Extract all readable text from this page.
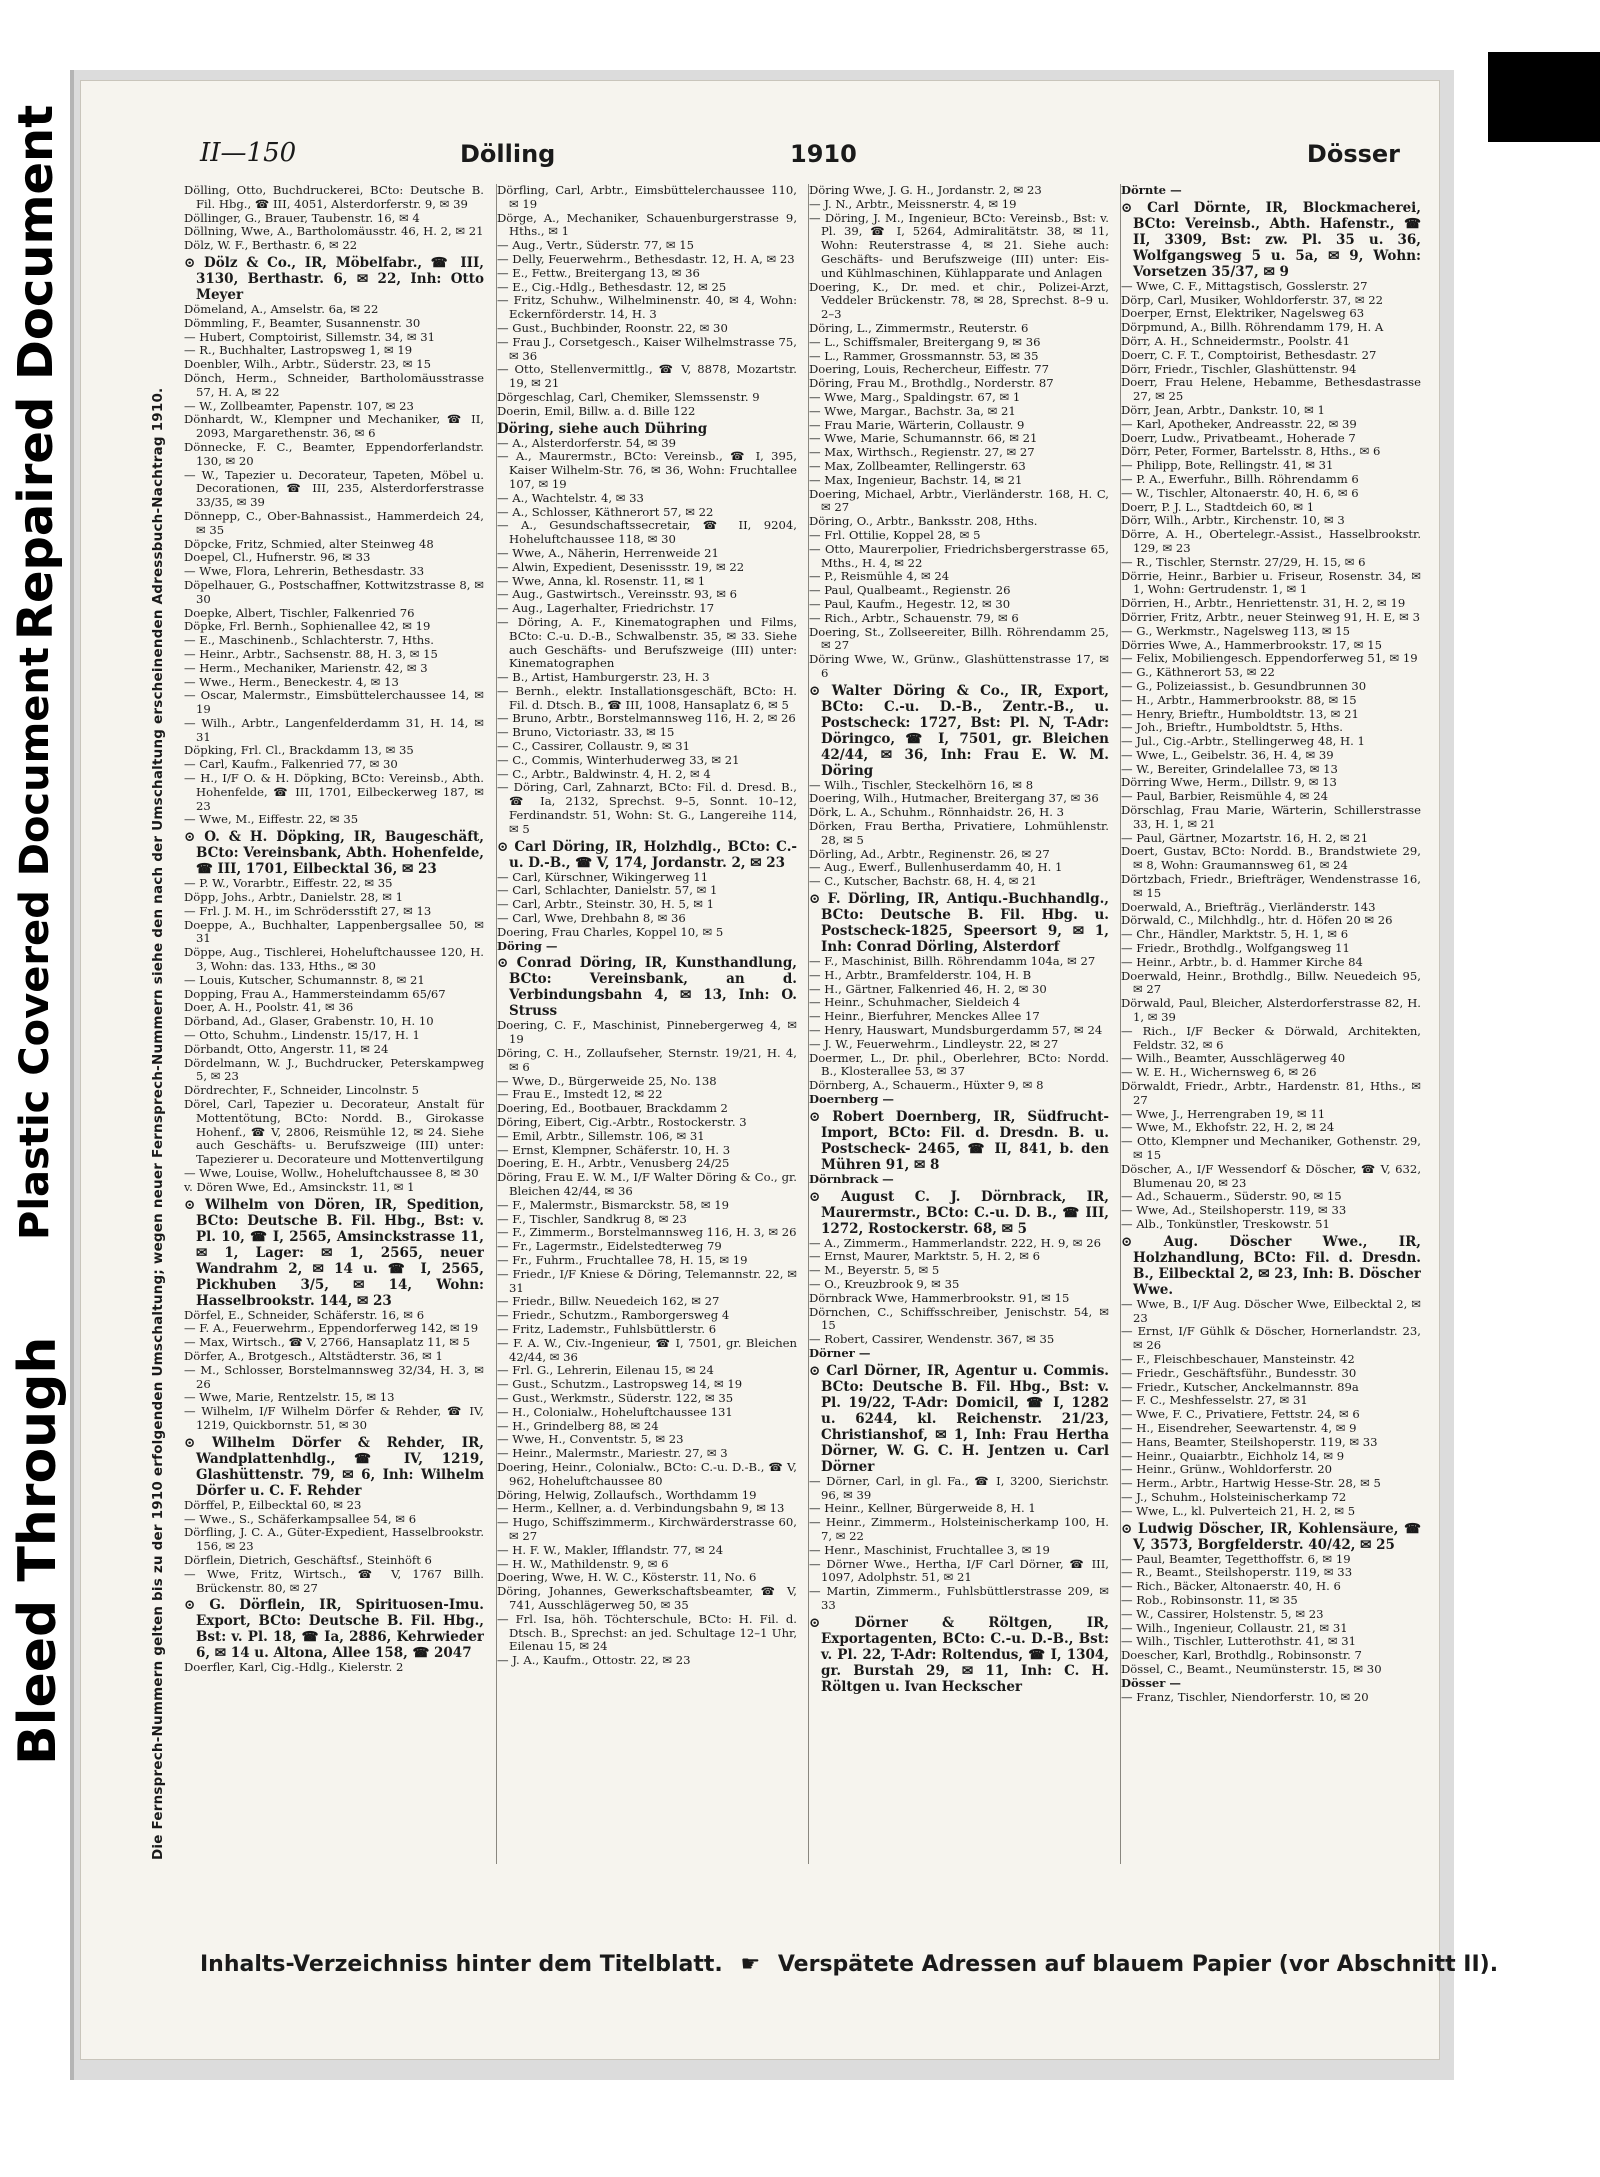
Repaired Document
Plastic Covered Document
Bleed Through
II—150	Dölling	1910	Dösser
Die Fernsprech-Nummern gelten bis zu der 1910 erfolgenden Umschaltung; wegen neuer Fernsprech-Nummern siehe den nach der Umschaltung erscheinenden Adressbuch-Nachtrag 1910.

Dölling, Otto, Buchdruckerei, BCto: Deutsche B. Fil. Hbg., ☎ III, 4051, Alsterdorferstr. 9, ✉ 39

Döllinger, G., Brauer, Taubenstr. 16, ✉ 4

Döllning, Wwe, A., Bartholomäusstr. 46, H. 2, ✉ 21

Dölz, W. F., Berthastr. 6, ✉ 22

⊙ Dölz & Co., IR, Möbelfabr., ☎ III, 3130, Berthastr. 6, ✉ 22, Inh: Otto Meyer

Dömeland, A., Amselstr. 6a, ✉ 22

Dömmling, F., Beamter, Susannenstr. 30

— Hubert, Comptoirist, Sillemstr. 34, ✉ 31

— R., Buchhalter, Lastropsweg 1, ✉ 19

Doenbler, Wilh., Arbtr., Süderstr. 23, ✉ 15

Dönch, Herm., Schneider, Bartholomäusstrasse 57, H. A, ✉ 22

— W., Zollbeamter, Papenstr. 107, ✉ 23

Dönhardt, W., Klempner und Mechaniker, ☎ II, 2093, Margarethenstr. 36, ✉ 6

Dönnecke, F. C., Beamter, Eppendorferlandstr. 130, ✉ 20

— W., Tapezier u. Decorateur, Tapeten, Möbel u. Decorationen, ☎ III, 235, Alsterdorferstrasse 33/35, ✉ 39

Dönnepp, C., Ober-Bahnassist., Hammerdeich 24, ✉ 35

Döpcke, Fritz, Schmied, alter Steinweg 48

Doepel, Cl., Hufnerstr. 96, ✉ 33

— Wwe, Flora, Lehrerin, Bethesdastr. 33

Döpelhauer, G., Postschaffner, Kottwitzstrasse 8, ✉ 30

Doepke, Albert, Tischler, Falkenried 76

Döpke, Frl. Bernh., Sophienallee 42, ✉ 19

— E., Maschinenb., Schlachterstr. 7, Hths.

— Heinr., Arbtr., Sachsenstr. 88, H. 3, ✉ 15

— Herm., Mechaniker, Marienstr. 42, ✉ 3

— Wwe., Herm., Beneckestr. 4, ✉ 13

— Oscar, Malermstr., Eimsbüttelerchaussee 14, ✉ 19

— Wilh., Arbtr., Langenfelderdamm 31, H. 14, ✉ 31

Döpking, Frl. Cl., Brackdamm 13, ✉ 35

— Carl, Kaufm., Falkenried 77, ✉ 30

— H., I/F O. & H. Döpking, BCto: Vereinsb., Abth. Hohenfelde, ☎ III, 1701, Eilbeckerweg 187, ✉ 23

— Wwe, M., Eiffestr. 22, ✉ 35

⊙ O. & H. Döpking, IR, Baugeschäft, BCto: Vereinsbank, Abth. Hohenfelde, ☎ III, 1701, Eilbecktal 36, ✉ 23

— P. W., Vorarbtr., Eiffestr. 22, ✉ 35

Döpp, Johs., Arbtr., Danielstr. 28, ✉ 1

— Frl. J. M. H., im Schrödersstift 27, ✉ 13

Doeppe, A., Buchhalter, Lappenbergsallee 50, ✉ 31

Döppe, Aug., Tischlerei, Hoheluftchaussee 120, H. 3, Wohn: das. 133, Hths., ✉ 30

— Louis, Kutscher, Schumannstr. 8, ✉ 21

Dopping, Frau A., Hammersteindamm 65/67

Doer, A. H., Poolstr. 41, ✉ 36

Dörband, Ad., Glaser, Grabenstr. 10, H. 10

— Otto, Schuhm., Lindenstr. 15/17, H. 1

Dörbandt, Otto, Angerstr. 11, ✉ 24

Dördelmann, W. J., Buchdrucker, Peterskampweg 5, ✉ 23

Dördrechter, F., Schneider, Lincolnstr. 5

Dörel, Carl, Tapezier u. Decorateur, Anstalt für Mottentötung, BCto: Nordd. B., Girokasse Hohenf., ☎ V, 2806, Reismühle 12, ✉ 24. Siehe auch Geschäfts- u. Berufszweige (III) unter: Tapezierer u. Decorateure und Mottenvertilgung

— Wwe, Louise, Wollw., Hoheluftchaussee 8, ✉ 30

v. Dören Wwe, Ed., Amsinckstr. 11, ✉ 1

⊙ Wilhelm von Dören, IR, Spedition, BCto: Deutsche B. Fil. Hbg., Bst: v. Pl. 10, ☎ I, 2565, Amsinckstrasse 11, ✉ 1, Lager: ✉ 1, 2565, neuer Wandrahm 2, ✉ 14 u. ☎ I, 2565, Pickhuben 3/5, ✉ 14, Wohn: Hasselbrookstr. 144, ✉ 23

Dörfel, E., Schneider, Schäferstr. 16, ✉ 6

— F. A., Feuerwehrm., Eppendorferweg 142, ✉ 19

— Max, Wirtsch., ☎ V, 2766, Hansaplatz 11, ✉ 5

Dörfer, A., Brotgesch., Altstädterstr. 36, ✉ 1

— M., Schlosser, Borstelmannsweg 32/34, H. 3, ✉ 26

— Wwe, Marie, Rentzelstr. 15, ✉ 13

— Wilhelm, I/F Wilhelm Dörfer & Rehder, ☎ IV, 1219, Quickbornstr. 51, ✉ 30

⊙ Wilhelm Dörfer & Rehder, IR, Wandplattenhdlg., ☎ IV, 1219, Glashüttenstr. 79, ✉ 6, Inh: Wilhelm Dörfer u. C. F. Rehder

Dörffel, P., Eilbecktal 60, ✉ 23

— Wwe., S., Schäferkampsallee 54, ✉ 6

Dörfling, J. C. A., Güter-Expedient, Hasselbrookstr. 156, ✉ 23

Dörflein, Dietrich, Geschäftsf., Steinhöft 6

— Wwe, Fritz, Wirtsch., ☎ V, 1767 Billh. Brückenstr. 80, ✉ 27

⊙ G. Dörflein, IR, Spirituosen-Imu. Export, BCto: Deutsche B. Fil. Hbg., Bst: v. Pl. 18, ☎ Ia, 2886, Kehrwieder 6, ✉ 14 u. Altona, Allee 158, ☎ 2047

Doerfler, Karl, Cig.-Hdlg., Kielerstr. 2

Dörfling, Carl, Arbtr., Eimsbüttelerchaussee 110, ✉ 19

Dörge, A., Mechaniker, Schauenburgerstrasse 9, Hths., ✉ 1

— Aug., Vertr., Süderstr. 77, ✉ 15

— Delly, Feuerwehrm., Bethesdastr. 12, H. A, ✉ 23

— E., Fettw., Breitergang 13, ✉ 36

— E., Cig.-Hdlg., Bethesdastr. 12, ✉ 25

— Fritz, Schuhw., Wilhelminenstr. 40, ✉ 4, Wohn: Eckernförderstr. 14, H. 3

— Gust., Buchbinder, Roonstr. 22, ✉ 30

— Frau J., Corsetgesch., Kaiser Wilhelmstrasse 75, ✉ 36

— Otto, Stellenvermittlg., ☎ V, 8878, Mozartstr. 19, ✉ 21

Dörgeschlag, Carl, Chemiker, Slemssenstr. 9

Doerin, Emil, Billw. a. d. Bille 122

Döring, siehe auch Dühring

— A., Alsterdorferstr. 54, ✉ 39

— A., Maurermstr., BCto: Vereinsb., ☎ I, 395, Kaiser Wilhelm-Str. 76, ✉ 36, Wohn: Fruchtallee 107, ✉ 19

— A., Wachtelstr. 4, ✉ 33

— A., Schlosser, Käthnerort 57, ✉ 22

— A., Gesundschaftssecretair, ☎ II, 9204, Hoheluftchaussee 118, ✉ 30

— Wwe, A., Näherin, Herrenweide 21

— Alwin, Expedient, Desenissstr. 19, ✉ 22

— Wwe, Anna, kl. Rosenstr. 11, ✉ 1

— Aug., Gastwirtsch., Vereinsstr. 93, ✉ 6

— Aug., Lagerhalter, Friedrichstr. 17

— Döring, A. F., Kinematographen und Films, BCto: C.-u. D.-B., Schwalbenstr. 35, ✉ 33. Siehe auch Geschäfts- und Berufszweige (III) unter: Kinematographen

— B., Artist, Hamburgerstr. 23, H. 3

— Bernh., elektr. Installationsgeschäft, BCto: H. Fil. d. Dtsch. B., ☎ III, 1008, Hansaplatz 6, ✉ 5

— Bruno, Arbtr., Borstelmannsweg 116, H. 2, ✉ 26

— Bruno, Victoriastr. 33, ✉ 15

— C., Cassirer, Collaustr. 9, ✉ 31

— C., Commis, Winterhuderweg 33, ✉ 21

— C., Arbtr., Baldwinstr. 4, H. 2, ✉ 4

— Döring, Carl, Zahnarzt, BCto: Fil. d. Dresd. B., ☎ Ia, 2132, Sprechst. 9–5, Sonnt. 10–12, Ferdinandstr. 51, Wohn: St. G., Langereihe 114, ✉ 5

⊙ Carl Döring, IR, Holzhdlg., BCto: C.-u. D.-B., ☎ V, 174, Jordanstr. 2, ✉ 23

— Carl, Kürschner, Wikingerweg 11

— Carl, Schlachter, Danielstr. 57, ✉ 1

— Carl, Arbtr., Steinstr. 30, H. 5, ✉ 1

— Carl, Wwe, Drehbahn 8, ✉ 36

Doering, Frau Charles, Koppel 10, ✉ 5

Döring —

⊙ Conrad Döring, IR, Kunsthandlung, BCto: Vereinsbank, an d. Verbindungsbahn 4, ✉ 13, Inh: O. Struss

Doering, C. F., Maschinist, Pinnebergerweg 4, ✉ 19

Döring, C. H., Zollaufseher, Sternstr. 19/21, H. 4, ✉ 6

— Wwe, D., Bürgerweide 25, No. 138

— Frau E., Imstedt 12, ✉ 22

Doering, Ed., Bootbauer, Brackdamm 2

Döring, Eibert, Cig.-Arbtr., Rostockerstr. 3

— Emil, Arbtr., Sillemstr. 106, ✉ 31

— Ernst, Klempner, Schäferstr. 10, H. 3

Doering, E. H., Arbtr., Venusberg 24/25

Döring, Frau E. W. M., I/F Walter Döring & Co., gr. Bleichen 42/44, ✉ 36

— F., Malermstr., Bismarckstr. 58, ✉ 19

— F., Tischler, Sandkrug 8, ✉ 23

— F., Zimmerm., Borstelmannsweg 116, H. 3, ✉ 26

— Fr., Lagermstr., Eidelstedterweg 79

— Fr., Fuhrm., Fruchtallee 78, H. 15, ✉ 19

— Friedr., I/F Kniese & Döring, Telemannstr. 22, ✉ 31

— Friedr., Billw. Neuedeich 162, ✉ 27

— Friedr., Schutzm., Ramborgersweg 4

— Fritz, Lademstr., Fuhlsbüttlerstr. 6

— F. A. W., Civ.-Ingenieur, ☎ I, 7501, gr. Bleichen 42/44, ✉ 36

— Frl. G., Lehrerin, Eilenau 15, ✉ 24

— Gust., Schutzm., Lastropsweg 14, ✉ 19

— Gust., Werkmstr., Süderstr. 122, ✉ 35

— H., Colonialw., Hoheluftchaussee 131

— H., Grindelberg 88, ✉ 24

— Wwe, H., Conventstr. 5, ✉ 23

— Heinr., Malermstr., Mariestr. 27, ✉ 3

Doering, Heinr., Colonialw., BCto: C.-u. D.-B., ☎ V, 962, Hoheluftchaussee 80

Döring, Helwig, Zollaufsch., Worthdamm 19

— Herm., Kellner, a. d. Verbindungsbahn 9, ✉ 13

— Hugo, Schiffszimmerm., Kirchwärderstrasse 60, ✉ 27

— H. F. W., Makler, Ifflandstr. 77, ✉ 24

— H. W., Mathildenstr. 9, ✉ 6

Doering, Wwe, H. W. C., Kösterstr. 11, No. 6

Döring, Johannes, Gewerkschaftsbeamter, ☎ V, 741, Ausschlägerweg 50, ✉ 35

— Frl. Isa, höh. Töchterschule, BCto: H. Fil. d. Dtsch. B., Sprechst: an jed. Schultage 12–1 Uhr, Eilenau 15, ✉ 24

— J. A., Kaufm., Ottostr. 22, ✉ 23

Döring Wwe, J. G. H., Jordanstr. 2, ✉ 23

— J. N., Arbtr., Meissnerstr. 4, ✉ 19

— Döring, J. M., Ingenieur, BCto: Vereinsb., Bst: v. Pl. 39, ☎ I, 5264, Admiralitätstr. 38, ✉ 11, Wohn: Reuterstrasse 4, ✉ 21. Siehe auch: Geschäfts- und Berufszweige (III) unter: Eis- und Kühlmaschinen, Kühlapparate und Anlagen

Doering, K., Dr. med. et chir., Polizei-Arzt, Veddeler Brückenstr. 78, ✉ 28, Sprechst. 8–9 u. 2–3

Döring, L., Zimmermstr., Reuterstr. 6

— L., Schiffsmaler, Breitergang 9, ✉ 36

— L., Rammer, Grossmannstr. 53, ✉ 35

Doering, Louis, Rechercheur, Eiffestr. 77

Döring, Frau M., Brothdlg., Norderstr. 87

— Wwe, Marg., Spaldingstr. 67, ✉ 1

— Wwe, Margar., Bachstr. 3a, ✉ 21

— Frau Marie, Wärterin, Collaustr. 9

— Wwe, Marie, Schumannstr. 66, ✉ 21

— Max, Wirthsch., Regienstr. 27, ✉ 27

— Max, Zollbeamter, Rellingerstr. 63

— Max, Ingenieur, Bachstr. 14, ✉ 21

Doering, Michael, Arbtr., Vierländerstr. 168, H. C, ✉ 27

Döring, O., Arbtr., Banksstr. 208, Hths.

— Frl. Ottilie, Koppel 28, ✉ 5

— Otto, Maurerpolier, Friedrichsbergerstrasse 65, Mths., H. 4, ✉ 22

— P., Reismühle 4, ✉ 24

— Paul, Qualbeamt., Regienstr. 26

— Paul, Kaufm., Hegestr. 12, ✉ 30

— Rich., Arbtr., Schauenstr. 79, ✉ 6

Doering, St., Zollseereiter, Billh. Röhrendamm 25, ✉ 27

Döring Wwe, W., Grünw., Glashüttenstrasse 17, ✉ 6

⊙ Walter Döring & Co., IR, Export, BCto: C.-u. D.-B., Zentr.-B., u. Postscheck: 1727, Bst: Pl. N, T-Adr: Döringco, ☎ I, 7501, gr. Bleichen 42/44, ✉ 36, Inh: Frau E. W. M. Döring

— Wilh., Tischler, Steckelhörn 16, ✉ 8

Doering, Wilh., Hutmacher, Breitergang 37, ✉ 36

Dörk, L. A., Schuhm., Rönnhaidstr. 26, H. 3

Dörken, Frau Bertha, Privatiere, Lohmühlenstr. 28, ✉ 5

Dörling, Ad., Arbtr., Reginenstr. 26, ✉ 27

— Aug., Ewerf., Bullenhuserdamm 40, H. 1

— C., Kutscher, Bachstr. 68, H. 4, ✉ 21

⊙ F. Dörling, IR, Antiqu.-Buchhandlg., BCto: Deutsche B. Fil. Hbg. u. Postscheck-1825, Speersort 9, ✉ 1, Inh: Conrad Dörling, Alsterdorf

— F., Maschinist, Billh. Röhrendamm 104a, ✉ 27

— H., Arbtr., Bramfelderstr. 104, H. B

— H., Gärtner, Falkenried 46, H. 2, ✉ 30

— Heinr., Schuhmacher, Sieldeich 4

— Heinr., Bierfuhrer, Menckes Allee 17

— Henry, Hauswart, Mundsburgerdamm 57, ✉ 24

— J. W., Feuerwehrm., Lindleystr. 22, ✉ 27

Doermer, L., Dr. phil., Oberlehrer, BCto: Nordd. B., Klosterallee 53, ✉ 37

Dörnberg, A., Schauerm., Hüxter 9, ✉ 8

Doernberg —

⊙ Robert Doernberg, IR, Südfrucht-Import, BCto: Fil. d. Dresdn. B. u. Postscheck- 2465, ☎ II, 841, b. den Mühren 91, ✉ 8

Dörnbrack —

⊙ August C. J. Dörnbrack, IR, Maurermstr., BCto: C.-u. D. B., ☎ III, 1272, Rostockerstr. 68, ✉ 5

— A., Zimmerm., Hammerlandstr. 222, H. 9, ✉ 26

— Ernst, Maurer, Marktstr. 5, H. 2, ✉ 6

— M., Beyerstr. 5, ✉ 5

— O., Kreuzbrook 9, ✉ 35

Dörnbrack Wwe, Hammerbrookstr. 91, ✉ 15

Dörnchen, C., Schiffsschreiber, Jenischstr. 54, ✉ 15

— Robert, Cassirer, Wendenstr. 367, ✉ 35

Dörner —

⊙ Carl Dörner, IR, Agentur u. Commis. BCto: Deutsche B. Fil. Hbg., Bst: v. Pl. 19/22, T-Adr: Domicil, ☎ I, 1282 u. 6244, kl. Reichenstr. 21/23, Christianshof, ✉ 1, Inh: Frau Hertha Dörner, W. G. C. H. Jentzen u. Carl Dörner

— Dörner, Carl, in gl. Fa., ☎ I, 3200, Sierichstr. 96, ✉ 39

— Heinr., Kellner, Bürgerweide 8, H. 1

— Heinr., Zimmerm., Holsteinischerkamp 100, H. 7, ✉ 22

— Henr., Maschinist, Fruchtallee 3, ✉ 19

— Dörner Wwe., Hertha, I/F Carl Dörner, ☎ III, 1097, Adolphstr. 51, ✉ 21

— Martin, Zimmerm., Fuhlsbüttlerstrasse 209, ✉ 33

⊙ Dörner & Röltgen, IR, Exportagenten, BCto: C.-u. D.-B., Bst: v. Pl. 22, T-Adr: Roltendus, ☎ I, 1304, gr. Burstah 29, ✉ 11, Inh: C. H. Röltgen u. Ivan Heckscher

Dörnte —

⊙ Carl Dörnte, IR, Blockmacherei, BCto: Vereinsb., Abth. Hafenstr., ☎ II, 3309, Bst: zw. Pl. 35 u. 36, Wolfgangsweg 5 u. 5a, ✉ 9, Wohn: Vorsetzen 35/37, ✉ 9

— Wwe, C. F., Mittagstisch, Gosslerstr. 27

Dörp, Carl, Musiker, Wohldorferstr. 37, ✉ 22

Doerper, Ernst, Elektriker, Nagelsweg 63

Dörpmund, A., Billh. Röhrendamm 179, H. A

Dörr, A. H., Schneidermstr., Poolstr. 41

Doerr, C. F. T., Comptoirist, Bethesdastr. 27

Dörr, Friedr., Tischler, Glashüttenstr. 94

Doerr, Frau Helene, Hebamme, Bethesdastrasse 27, ✉ 25

Dörr, Jean, Arbtr., Dankstr. 10, ✉ 1

— Karl, Apotheker, Andreasstr. 22, ✉ 39

Doerr, Ludw., Privatbeamt., Hoherade 7

Dörr, Peter, Former, Bartelsstr. 8, Hths., ✉ 6

— Philipp, Bote, Rellingstr. 41, ✉ 31

— P. A., Ewerfuhr., Billh. Röhrendamm 6

— W., Tischler, Altonaerstr. 40, H. 6, ✉ 6

Doerr, P. J. L., Stadtdeich 60, ✉ 1

Dörr, Wilh., Arbtr., Kirchenstr. 10, ✉ 3

Dörre, A. H., Obertelegr.-Assist., Hasselbrookstr. 129, ✉ 23

— R., Tischler, Sternstr. 27/29, H. 15, ✉ 6

Dörrie, Heinr., Barbier u. Friseur, Rosenstr. 34, ✉ 1, Wohn: Gertrudenstr. 1, ✉ 1

Dörrien, H., Arbtr., Henriettenstr. 31, H. 2, ✉ 19

Dörrier, Fritz, Arbtr., neuer Steinweg 91, H. E, ✉ 3

— G., Werkmstr., Nagelsweg 113, ✉ 15

Dörries Wwe, A., Hammerbrookstr. 17, ✉ 15

— Felix, Mobiliengesch. Eppendorferweg 51, ✉ 19

— G., Käthnerort 53, ✉ 22

— G., Polizeiassist., b. Gesundbrunnen 30

— H., Arbtr., Hammerbrookstr. 88, ✉ 15

— Henry, Brieftr., Humboldtstr. 13, ✉ 21

— Joh., Brieftr., Humboldtstr. 5, Hths.

— Jul., Cig.-Arbtr., Stellingerweg 48, H. 1

— Wwe, L., Geibelstr. 36, H. 4, ✉ 39

— W., Bereiter, Grindelallee 73, ✉ 13

Dörring Wwe, Herm., Dillstr. 9, ✉ 13

— Paul, Barbier, Reismühle 4, ✉ 24

Dörschlag, Frau Marie, Wärterin, Schillerstrasse 33, H. 1, ✉ 21

— Paul, Gärtner, Mozartstr. 16, H. 2, ✉ 21

Doert, Gustav, BCto: Nordd. B., Brandstwiete 29, ✉ 8, Wohn: Graumannsweg 61, ✉ 24

Dörtzbach, Friedr., Briefträger, Wendenstrasse 16, ✉ 15

Doerwald, A., Briefträg., Vierländerstr. 143

Dörwald, C., Milchhdlg., htr. d. Höfen 20 ✉ 26

— Chr., Händler, Marktstr. 5, H. 1, ✉ 6

— Friedr., Brothdlg., Wolfgangsweg 11

— Heinr., Arbtr., b. d. Hammer Kirche 84

Doerwald, Heinr., Brothdlg., Billw. Neuedeich 95, ✉ 27

Dörwald, Paul, Bleicher, Alsterdorferstrasse 82, H. 1, ✉ 39

— Rich., I/F Becker & Dörwald, Architekten, Feldstr. 32, ✉ 6

— Wilh., Beamter, Ausschlägerweg 40

— W. E. H., Wichernsweg 6, ✉ 26

Dörwaldt, Friedr., Arbtr., Hardenstr. 81, Hths., ✉ 27

— Wwe, J., Herrengraben 19, ✉ 11

— Wwe, M., Ekhofstr. 22, H. 2, ✉ 24

— Otto, Klempner und Mechaniker, Gothenstr. 29, ✉ 15

Döscher, A., I/F Wessendorf & Döscher, ☎ V, 632, Blumenau 20, ✉ 23

— Ad., Schauerm., Süderstr. 90, ✉ 15

— Wwe, Ad., Steilshoperstr. 119, ✉ 33

— Alb., Tonkünstler, Treskowstr. 51

⊙ Aug. Döscher Wwe., IR, Holzhandlung, BCto: Fil. d. Dresdn. B., Eilbecktal 2, ✉ 23, Inh: B. Döscher Wwe.

— Wwe, B., I/F Aug. Döscher Wwe, Eilbecktal 2, ✉ 23

— Ernst, I/F Gühlk & Döscher, Hornerlandstr. 23, ✉ 26

— F., Fleischbeschauer, Mansteinstr. 42

— Friedr., Geschäftsführ., Bundesstr. 30

— Friedr., Kutscher, Anckelmannstr. 89a

— F. C., Meshfesselstr. 27, ✉ 31

— Wwe, F. C., Privatiere, Fettstr. 24, ✉ 6

— H., Eisendreher, Seewartenstr. 4, ✉ 9

— Hans, Beamter, Steilshoperstr. 119, ✉ 33

— Heinr., Quaiarbtr., Eichholz 14, ✉ 9

— Heinr., Grünw., Wohldorferstr. 20

— Herm., Arbtr., Hartwig Hesse-Str. 28, ✉ 5

— J., Schuhm., Holsteinischerkamp 72

— Wwe, L., kl. Pulverteich 21, H. 2, ✉ 5

⊙ Ludwig Döscher, IR, Kohlensäure, ☎ V, 3573, Borgfelderstr. 40/42, ✉ 25

— Paul, Beamter, Tegetthoffstr. 6, ✉ 19

— R., Beamt., Steilshoperstr. 119, ✉ 33

— Rich., Bäcker, Altonaerstr. 40, H. 6

— Rob., Robinsonstr. 11, ✉ 35

— W., Cassirer, Holstenstr. 5, ✉ 23

— Wilh., Ingenieur, Collaustr. 21, ✉ 31

— Wilh., Tischler, Lutterothstr. 41, ✉ 31

Doescher, Karl, Brothdlg., Robinsonstr. 7

Dössel, C., Beamt., Neumünsterstr. 15, ✉ 30

Dösser —

— Franz, Tischler, Niendorferstr. 10, ✉ 20

Inhalts-Verzeichniss hinter dem Titelblatt. ☛ Verspätete Adressen auf blauem Papier (vor Abschnitt II).
